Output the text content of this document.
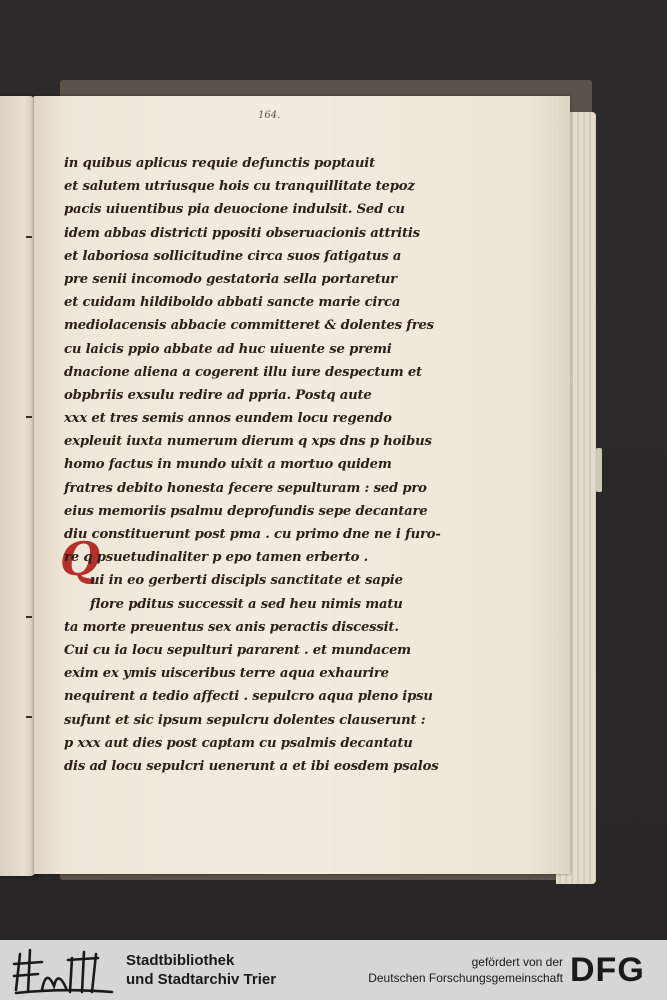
164.
Q
in quibus aplicus requie defunctis poptauit
et salutem utriusque hois cu tranquillitate tepoz
pacis uiuentibus pia deuocione indulsit. Sed cu
idem abbas districti ppositi obseruacionis attritis
et laboriosa sollicitudine circa suos fatigatus a
pre senii incomodo gestatoria sella portaretur
et cuidam hildiboldo abbati sancte marie circa
mediolacensis abbacie committeret & dolentes fres
cu laicis ppio abbate ad huc uiuente se premi
dnacione aliena a cogerent illu iure despectum et
obpbriis exsulu redire ad ppria. Postq aute
xxx et tres semis annos eundem locu regendo
expleuit iuxta numerum dierum q xps dns p hoibus
homo factus in mundo uixit a mortuo quidem
fratres debito honesta fecere sepulturam : sed pro
eius memoriis psalmu deprofundis sepe decantare
diu constituerunt post pma . cu primo dne ne i furo-
re q psuetudinaliter p epo tamen erberto .
ui in eo gerberti discipls sanctitate et sapie
flore pditus successit a sed heu nimis matu
ta morte preuentus sex anis peractis discessit.
Cui cu ia locu sepulturi pararent . et mundacem
exim ex ymis uisceribus terre aqua exhaurire
nequirent a tedio affecti . sepulcro aqua pleno ipsu
sufunt et sic ipsum sepulcru dolentes clauserunt :
p xxx aut dies post captam cu psalmis decantatu
dis ad locu sepulcri uenerunt a et ibi eosdem psalos
Stadtbibliothek
und Stadtarchiv Trier
gefördert von der
Deutschen Forschungsgemeinschaft DFG
